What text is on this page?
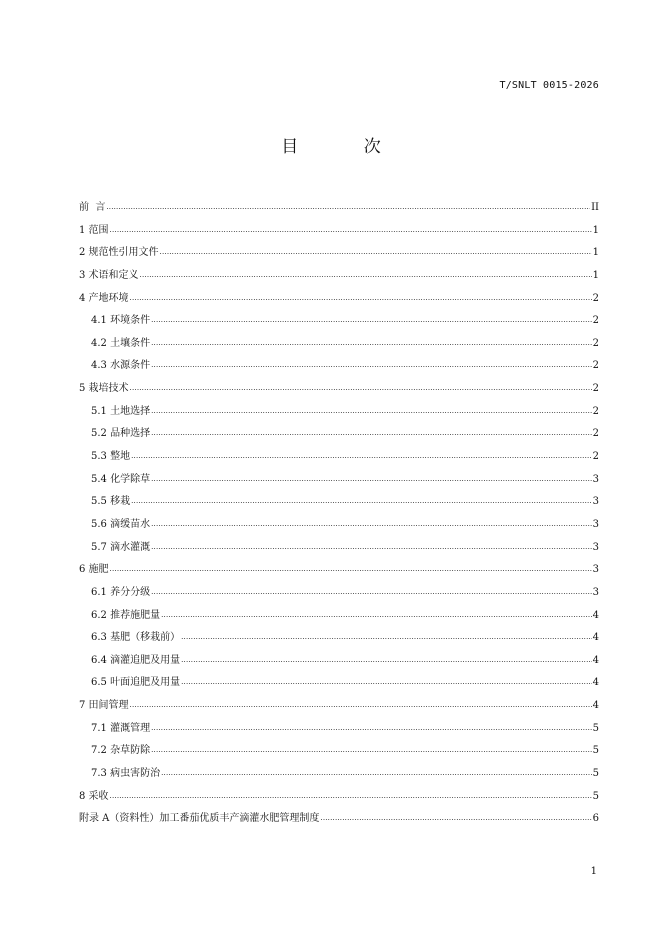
T/SNLT 0015-2026
目 次
前  言 .....	II
1 范围 .....	1
2 规范性引用文件 .....	1
3 术语和定义 .....	1
4 产地环境 .....	2
4.1 环境条件 .....	2
4.2 土壤条件 .....	2
4.3 水源条件 .....	2
5 栽培技术 .....	2
5.1 土地选择 .....	2
5.2 品种选择 .....	2
5.3 整地 .....	2
5.4 化学除草 .....	3
5.5 移栽 .....	3
5.6 滴缓苗水 .....	3
5.7 滴水灌溉 .....	3
6 施肥 .....	3
6.1 养分分级 .....	3
6.2 推荐施肥量 .....	4
6.3 基肥（移栽前） .....	4
6.4 滴灌追肥及用量 .....	4
6.5 叶面追肥及用量 .....	4
7 田间管理 .....	4
7.1 灌溉管理 .....	5
7.2 杂草防除 .....	5
7.3 病虫害防治 .....	5
8 采收 .....	5
附录 A（资料性）加工番茄优质丰产滴灌水肥管理制度 .....	6
1
